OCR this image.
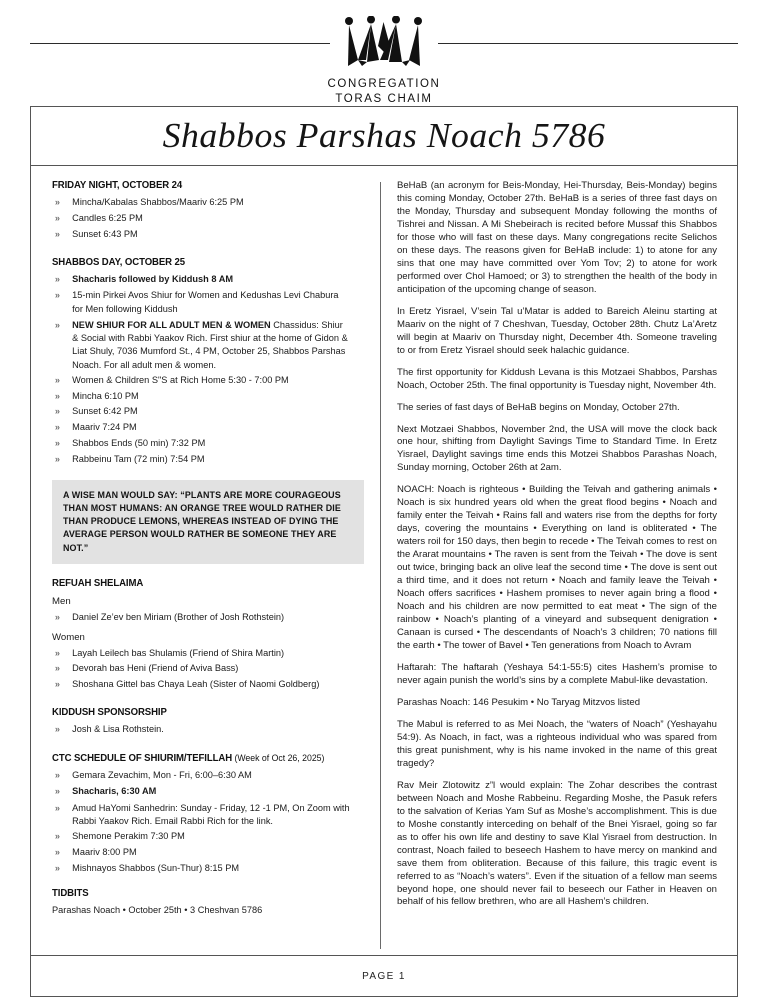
CONGREGATION
TORAS CHAIM
Shabbos Parshas Noach 5786
FRIDAY NIGHT, OCTOBER 24
» Mincha/Kabalas Shabbos/Maariv 6:25 PM
» Candles 6:25 PM
» Sunset 6:43 PM
SHABBOS DAY, OCTOBER 25
» Shacharis followed by Kiddush 8 AM
» 15-min Pirkei Avos Shiur for Women and Kedushas Levi Chabura for Men following Kiddush
» NEW SHIUR FOR ALL ADULT MEN & WOMEN Chassidus: Shiur & Social with Rabbi Yaakov Rich. First shiur at the home of Gidon & Liat Shuly, 7036 Mumford St., 4 PM, October 25, Shabbos Parshas Noach. For all adult men & women.
» Women & Children S"S at Rich Home 5:30 - 7:00 PM
» Mincha 6:10 PM
» Sunset 6:42 PM
» Maariv 7:24 PM
» Shabbos Ends (50 min) 7:32 PM
» Rabbeinu Tam (72 min) 7:54 PM

A WISE MAN WOULD SAY: “PLANTS ARE MORE COURAGEOUS THAN MOST HUMANS: AN ORANGE TREE WOULD RATHER DIE THAN PRODUCE LEMONS, WHEREAS INSTEAD OF DYING THE AVERAGE PERSON WOULD RATHER BE SOMEONE THEY ARE NOT.”

REFUAH SHELAIMA
Men
» Daniel Ze’ev ben Miriam (Brother of Josh Rothstein)
Women
» Layah Leilech bas Shulamis (Friend of Shira Martin)
» Devorah bas Heni (Friend of Aviva Bass)
» Shoshana Gittel bas Chaya Leah (Sister of Naomi Goldberg)
KIDDUSH SPONSORSHIP
» Josh & Lisa Rothstein.
CTC SCHEDULE OF SHIURIM/TEFILLAH (Week of Oct 26, 2025)
» Gemara Zevachim, Mon - Fri, 6:00–6:30 AM
» Shacharis, 6:30 AM
» Amud HaYomi Sanhedrin: Sunday - Friday, 12 -1 PM, On Zoom with Rabbi Yaakov Rich. Email Rabbi Rich for the link.
» Shemone Perakim 7:30 PM
» Maariv 8:00 PM
» Mishnayos Shabbos (Sun-Thur) 8:15 PM
TIDBITS
Parashas Noach • October 25th • 3 Cheshvan 5786

BeHaB (an acronym for Beis-Monday, Hei-Thursday, Beis-Monday) begins this coming Monday, October 27th. BeHaB is a series of three fast days on the Monday, Thursday and subsequent Monday following the months of Tishrei and Nissan. A Mi Shebeirach is recited before Mussaf this Shabbos for those who will fast on these days. Many congregations recite Selichos on these days. The reasons given for BeHaB include: 1) to atone for any sins that one may have committed over Yom Tov; 2) to atone for work performed over Chol Hamoed; or 3) to strengthen the health of the body in anticipation of the upcoming change of season.

In Eretz Yisrael, V’sein Tal u’Matar is added to Bareich Aleinu starting at Maariv on the night of 7 Cheshvan, Tuesday, October 28th. Chutz La’Aretz will begin at Maariv on Thursday night, December 4th. Someone traveling to or from Eretz Yisrael should seek halachic guidance.

The first opportunity for Kiddush Levana is this Motzaei Shabbos, Parshas Noach, October 25th. The final opportunity is Tuesday night, November 4th.

The series of fast days of BeHaB begins on Monday, October 27th.

Next Motzaei Shabbos, November 2nd, the USA will move the clock back one hour, shifting from Daylight Savings Time to Standard Time. In Eretz Yisrael, Daylight savings time ends this Motzei Shabbos Parashas Noach, Sunday morning, October 26th at 2am.

NOACH: Noach is righteous • Building the Teivah and gathering animals • Noach is six hundred years old when the great flood begins • Noach and family enter the Teivah • Rains fall and waters rise from the depths for forty days, covering the mountains • Everything on land is obliterated • The waters roil for 150 days, then begin to recede • The Teivah comes to rest on the Ararat mountains • The raven is sent from the Teivah • The dove is sent out twice, bringing back an olive leaf the second time • The dove is sent out a third time, and it does not return • Noach and family leave the Teivah • Noach offers sacrifices • Hashem promises to never again bring a flood • Noach and his children are now permitted to eat meat • The sign of the rainbow • Noach’s planting of a vineyard and subsequent denigration • Canaan is cursed • The descendants of Noach’s 3 children; 70 nations fill the earth • The tower of Bavel • Ten generations from Noach to Avram

Haftarah: The haftarah (Yeshaya 54:1-55:5) cites Hashem’s promise to never again punish the world’s sins by a complete Mabul-like devastation.

Parashas Noach: 146 Pesukim • No Taryag Mitzvos listed

The Mabul is referred to as Mei Noach, the “waters of Noach” (Yeshayahu 54:9). As Noach, in fact, was a righteous individual who was spared from this great punishment, why is his name invoked in the name of this great tragedy?

Rav Meir Zlotowitz z”l would explain: The Zohar describes the contrast between Noach and Moshe Rabbeinu. Regarding Moshe, the Pasuk refers to the salvation of Kerias Yam Suf as Moshe’s accomplishment. This is due to Moshe constantly interceding on behalf of the Bnei Yisrael, going so far as to offer his own life and destiny to save Klal Yisrael from destruction. In contrast, Noach failed to beseech Hashem to have mercy on mankind and save them from obliteration. Because of this failure, this tragic event is referred to as “Noach’s waters”. Even if the situation of a fellow man seems beyond hope, one should never fail to beseech our Father in Heaven on behalf of his fellow brethren, who are all Hashem’s children.

PAGE 1
